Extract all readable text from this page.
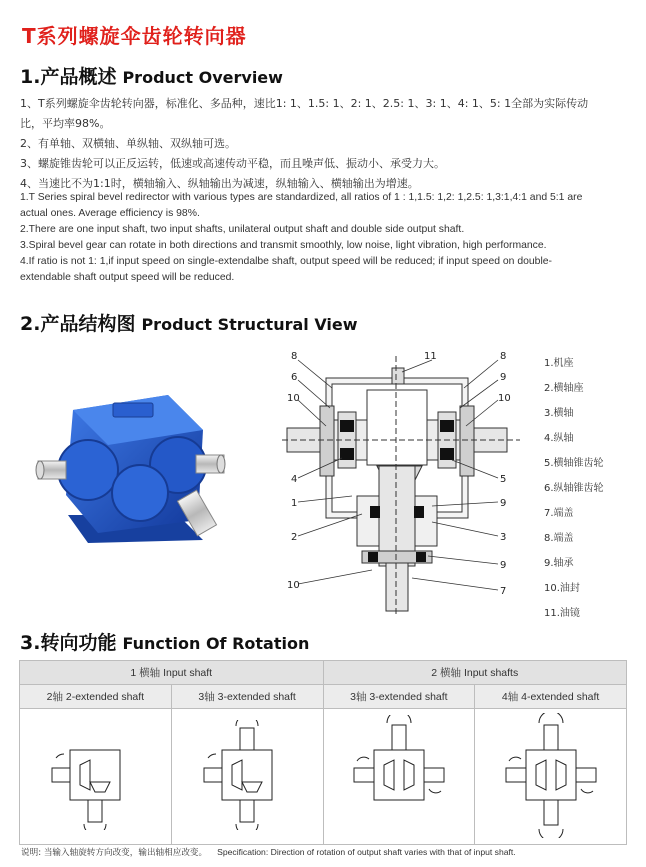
T系列螺旋伞齿轮转向器
1.产品概述 Product Overview
1、T系列螺旋伞齿轮转向器，标准化、多品种，速比1: 1、1.5: 1、2: 1、2.5: 1、3: 1、4: 1、5: 1全部为实际传动
比，平均率98%。
2、有单轴、双横轴、单纵轴、双纵轴可选。
3、螺旋锥齿轮可以正反运转，低速或高速传动平稳，而且噪声低、振动小、承受力大。
4、当速比不为1:1时，横轴输入、纵轴输出为减速，纵轴输入、横轴输出为增速。
1.T Series spiral bevel redirector with various types are standardized, all ratios of 1 : 1,1.5: 1,2: 1,2.5: 1,3:1,4:1 and 5:1 are
actual ones. Average efficiency is 98%.
2.There are one input shaft, two input shafts, unilateral output shaft and double side output shaft.
3.Spiral bevel gear can rotate in both directions and transmit smoothly, low noise, light vibration, high performance.
4.If ratio is not 1: 1,if input speed on single-extendalbe shaft, output speed will be reduced; if input speed on double-
extendable shaft output speed will be reduced.
2.产品结构图 Product Structural View
8
6
10
4
1
2
10
11	8
9
10
5
9
3
9
7
1.机座
2.横轴座
3.横轴
4.纵轴
5.横轴锥齿轮
6.纵轴锥齿轮
7.端盖
8.端盖
9.轴承
10.油封
11.油镜
3.转向功能 Function Of Rotation
1 横轴 Input shaft		2 横轴 Input shafts	
2轴 2-extended shaft	3轴 3-extended shaft	3轴 3-extended shaft	4轴 4-extended shaft

说明: 当输入轴旋转方向改变，输出轴相应改变。 Specification: Direction of rotation of output shaft varies with that of input shaft.
